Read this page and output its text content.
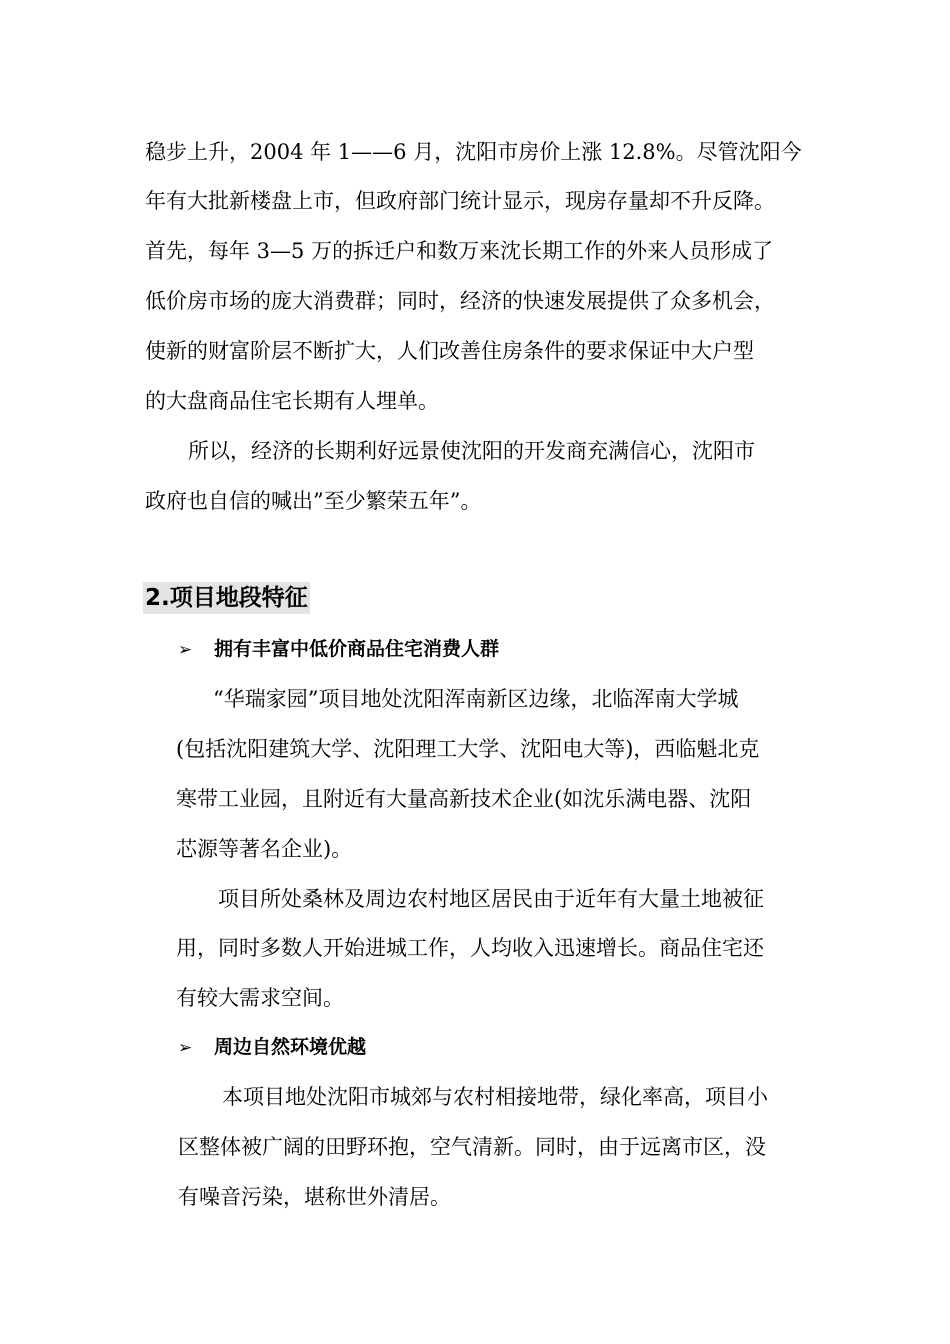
稳步上升，2004 年 1——6 月，沈阳市房价上涨 12.8%。尽管沈阳今
年有大批新楼盘上市，但政府部门统计显示，现房存量却不升反降。
首先，每年 3—5 万的拆迁户和数万来沈长期工作的外来人员形成了
低价房市场的庞大消费群；同时，经济的快速发展提供了众多机会，
使新的财富阶层不断扩大，人们改善住房条件的要求保证中大户型
的大盘商品住宅长期有人埋单。
所以，经济的长期利好远景使沈阳的开发商充满信心，沈阳市
政府也自信的喊出”至少繁荣五年”。
2.项目地段特征
➢ 拥有丰富中低价商品住宅消费人群
“华瑞家园”项目地处沈阳浑南新区边缘，北临浑南大学城
(包括沈阳建筑大学、沈阳理工大学、沈阳电大等)，西临魁北克
寒带工业园，且附近有大量高新技术企业(如沈乐满电器、沈阳
芯源等著名企业)。
项目所处桑林及周边农村地区居民由于近年有大量土地被征
用，同时多数人开始进城工作，人均收入迅速增长。商品住宅还
有较大需求空间。
➢ 周边自然环境优越
本项目地处沈阳市城郊与农村相接地带，绿化率高，项目小
区整体被广阔的田野环抱，空气清新。同时，由于远离市区，没
有噪音污染，堪称世外清居。
